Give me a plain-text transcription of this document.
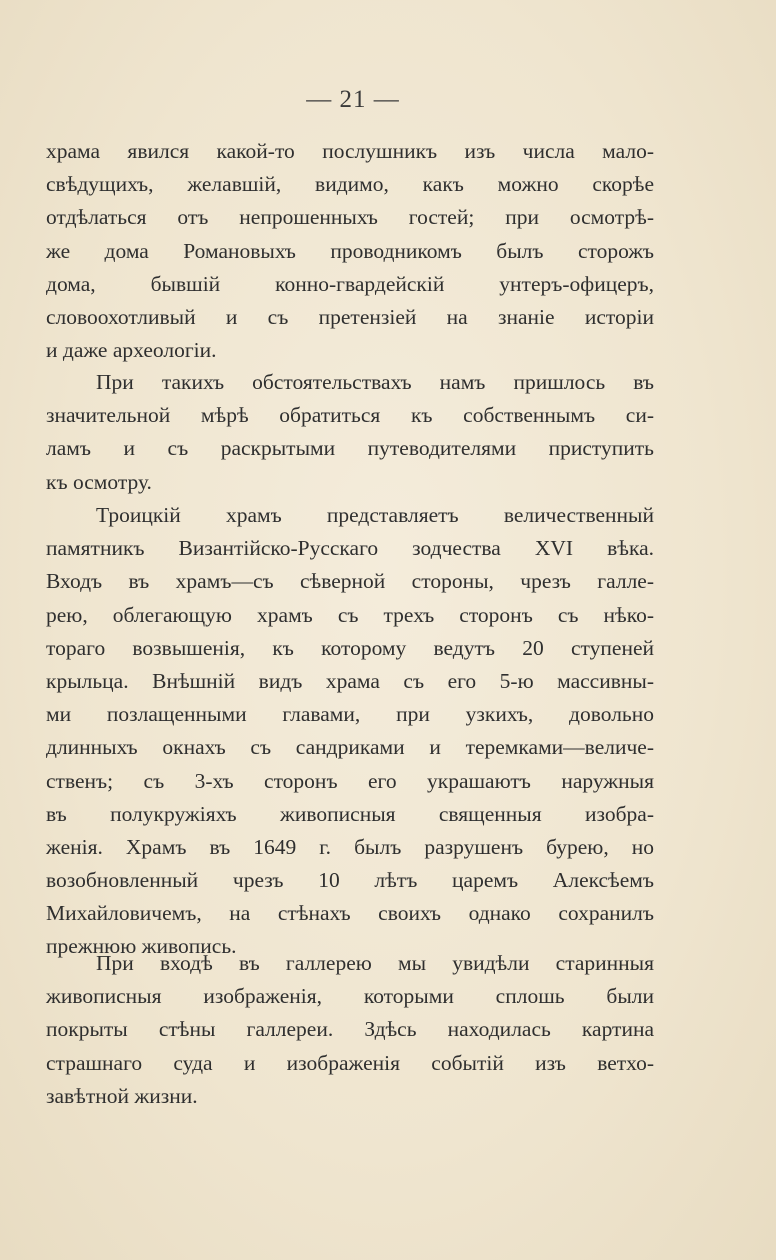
— 21 —
храма явился какой-то послушникъ изъ числа мало-
свѣдущихъ, желавшій, видимо, какъ можно скорѣе
отдѣлаться отъ непрошенныхъ гостей; при осмотрѣ-
же дома Романовыхъ проводникомъ былъ сторожъ
дома, бывшій конно-гвардейскій унтеръ-офицеръ,
словоохотливый и съ претензіей на знаніе исторіи
и даже археологіи.
При такихъ обстоятельствахъ намъ пришлось въ
значительной мѣрѣ обратиться къ собственнымъ си-
ламъ и съ раскрытыми путеводителями приступить
къ осмотру.
Троицкій храмъ представляетъ величественный
памятникъ Византійско-Русскаго зодчества XVI вѣка.
Входъ въ храмъ—съ сѣверной стороны, чрезъ галле-
рею, облегающую храмъ съ трехъ сторонъ съ нѣко-
тораго возвышенія, къ которому ведутъ 20 ступеней
крыльца. Внѣшній видъ храма съ его 5-ю массивны-
ми позлащенными главами, при узкихъ, довольно
длинныхъ окнахъ съ сандриками и теремками—величе-
ственъ; съ 3-хъ сторонъ его украшаютъ наружныя
въ полукружіяхъ живописныя священныя изобра-
женія. Храмъ въ 1649 г. былъ разрушенъ бурею, но
возобновленный чрезъ 10 лѣтъ царемъ Алексѣемъ
Михайловичемъ, на стѣнахъ своихъ однако сохранилъ
прежнюю живопись.
При входѣ въ галлерею мы увидѣли старинныя
живописныя изображенія, которыми сплошь были
покрыты стѣны галлереи. Здѣсь находилась картина
страшнаго суда и изображенія событій изъ ветхо-
завѣтной жизни.
